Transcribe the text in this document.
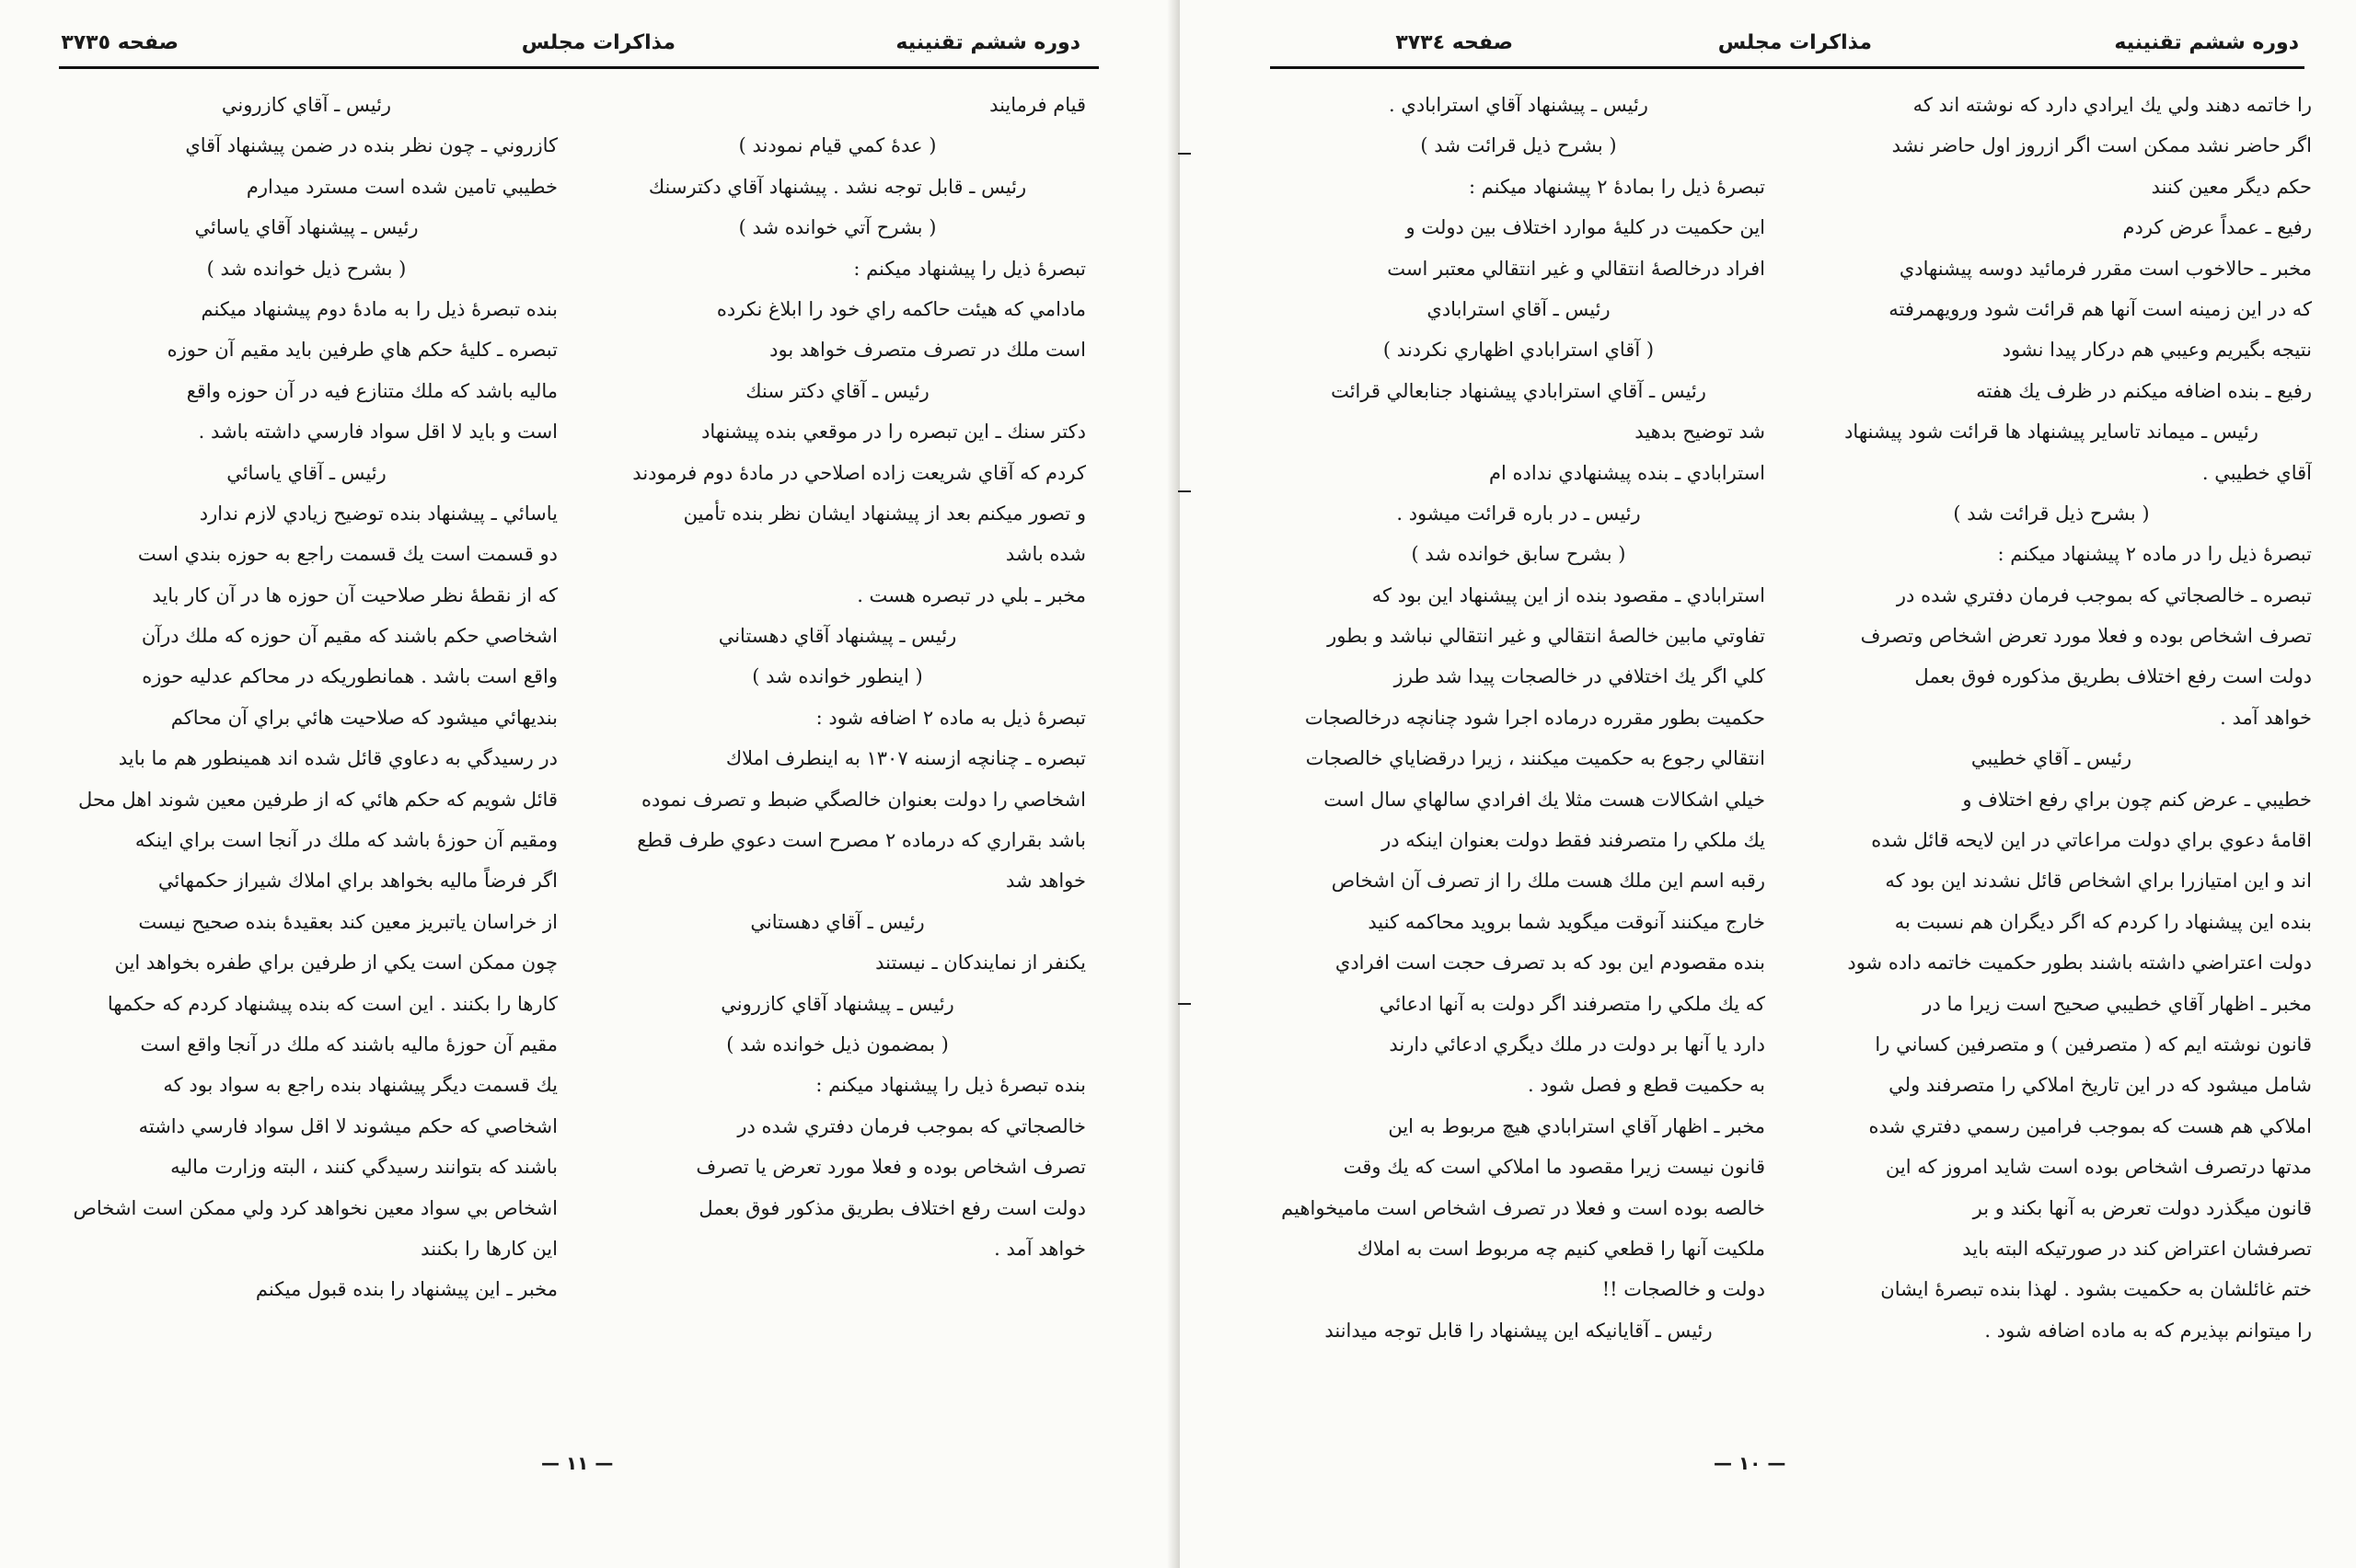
دوره ششم تقنينيه
مذاكرات مجلس
صفحه ٣٧٣٥
قيام فرمايند
( عدهٔ كمي قيام نمودند )
رئيس ـ قابل توجه نشد . پيشنهاد آقاي دكترسنك
( بشرح آتي خوانده شد )
تبصرهٔ ذيل را پيشنهاد ميكنم :
مادامي كه هيئت حاكمه راي خود را ابلاغ نكرده
است ملك در تصرف متصرف خواهد بود
رئيس ـ آقاي دكتر سنك
دكتر سنك ـ اين تبصره را در موقعي بنده پيشنهاد
كردم كه آقاي شريعت زاده اصلاحي در مادهٔ دوم فرمودند
و تصور ميكنم بعد از پيشنهاد ايشان نظر بنده تأمين
شده باشد
مخبر ـ بلي در تبصره هست .
رئيس ـ پيشنهاد آقاي دهستاني
( اينطور خوانده شد )
تبصرهٔ ذيل به ماده ٢ اضافه شود :
تبصره ـ چنانچه ازسنه ١٣٠٧ به اينطرف املاك
اشخاصي را دولت بعنوان خالصگي ضبط و تصرف نموده
باشد بقراري كه درماده ٢ مصرح است دعوي طرف قطع
خواهد شد
رئيس ـ آقاي دهستاني
يكنفر از نمايندكان ـ نيستند
رئيس ـ پيشنهاد آقاي كازروني
( بمضمون ذيل خوانده شد )
بنده تبصرهٔ ذيل را پيشنهاد ميكنم :
خالصجاتي كه بموجب فرمان دفتري شده در
تصرف اشخاص بوده و فعلا مورد تعرض يا تصرف
دولت است رفع اختلاف بطريق مذكور فوق بعمل
خواهد آمد .
رئيس ـ آقاي كازروني
كازروني ـ چون نظر بنده در ضمن پيشنهاد آقاي
خطيبي تامين شده است مسترد ميدارم
رئيس ـ پيشنهاد آقاي ياسائي
( بشرح ذيل خوانده شد )
بنده تبصرهٔ ذيل را به مادهٔ دوم پيشنهاد ميكنم
تبصره ـ كليهٔ حكم هاي طرفين بايد مقيم آن حوزه
ماليه باشد كه ملك متنازع فيه در آن حوزه واقع
است و بايد لا اقل سواد فارسي داشته باشد .
رئيس ـ آقاي ياسائي
ياسائي ـ پيشنهاد بنده توضيح زيادي لازم ندارد
دو قسمت است يك قسمت راجع به حوزه بندي است
كه از نقطهٔ نظر صلاحيت آن حوزه ها در آن كار بايد
اشخاصي حكم باشند كه مقيم آن حوزه كه ملك درآن
واقع است باشد . همانطوريكه در محاكم عدليه حوزه
بنديهائي ميشود كه صلاحيت هائي براي آن محاكم
در رسيدگي به دعاوي قائل شده اند همينطور هم ما بايد
قائل شويم كه حكم هائي كه از طرفين معين شوند اهل محل
ومقيم آن حوزهٔ باشد كه ملك در آنجا است براي اينكه
اگر فرضاً ماليه بخواهد براي املاك شيراز حكمهائي
از خراسان ياتبريز معين كند بعقيدهٔ بنده صحيح نيست
چون ممكن است يكي از طرفين براي طفره بخواهد اين
كارها را بكنند . اين است كه بنده پيشنهاد كردم كه حكمها
مقيم آن حوزهٔ ماليه باشند كه ملك در آنجا واقع است
يك قسمت ديگر پيشنهاد بنده راجع به سواد بود كه
اشخاصي كه حكم ميشوند لا اقل سواد فارسي داشته
باشند كه بتوانند رسيدگي كنند ، البته وزارت ماليه
اشخاص بي سواد معين نخواهد كرد ولي ممكن است اشخاص
اين كارها را بكنند
مخبر ـ اين پيشنهاد را بنده قبول ميكنم
— ١١ —
دوره ششم تقنينيه
مذاكرات مجلس
صفحه ٣٧٣٤
را خاتمه دهند ولي يك ايرادي دارد كه نوشته اند كه
اگر حاضر نشد ممكن است اگر ازروز اول حاضر نشد
حكم ديگر معين كنند
رفيع ـ عمداً عرض كردم
مخبر ـ حالاخوب است مقرر فرمائيد دوسه پيشنهادي
كه در اين زمينه است آنها هم قرائت شود ورويهمرفته
نتيجه بگيريم وعيبي هم دركار پيدا نشود
رفيع ـ بنده اضافه ميكنم در ظرف يك هفته
رئيس ـ ميماند تاساير پيشنهاد ها قرائت شود پيشنهاد
آقاي خطيبي .
( بشرح ذيل قرائت شد )
تبصرهٔ ذيل را در ماده ٢ پيشنهاد ميكنم :
تبصره ـ خالصجاتي كه بموجب فرمان دفتري شده در
تصرف اشخاص بوده و فعلا مورد تعرض اشخاص وتصرف
دولت است رفع اختلاف بطريق مذكوره فوق بعمل
خواهد آمد .
رئيس ـ آقاي خطيبي
خطيبي ـ عرض كنم چون براي رفع اختلاف و
اقامهٔ دعوي براي دولت مراعاتي در اين لايحه قائل شده
اند و اين امتيازرا براي اشخاص قائل نشدند اين بود كه
بنده اين پيشنهاد را كردم كه اگر ديگران هم نسبت به
دولت اعتراضي داشته باشند بطور حكميت خاتمه داده شود
مخبر ـ اظهار آقاي خطيبي صحيح است زيرا ما در
قانون نوشته ايم كه ( متصرفين ) و متصرفين كساني را
شامل ميشود كه در اين تاريخ املاكي را متصرفند ولي
املاكي هم هست كه بموجب فرامين رسمي دفتري شده
مدتها درتصرف اشخاص بوده است شايد امروز كه اين
قانون ميگذرد دولت تعرض به آنها بكند و بر
تصرفشان اعتراض كند در صورتيكه البته بايد
ختم غائلشان به حكميت بشود . لهذا بنده تبصرهٔ ايشان
را ميتوانم بپذيرم كه به ماده اضافه شود .
رئيس ـ پيشنهاد آقاي استرابادي .
( بشرح ذيل قرائت شد )
تبصرهٔ ذيل را بمادهٔ ٢ پيشنهاد ميكنم :
اين حكميت در كليهٔ موارد اختلاف بين دولت و
افراد درخالصهٔ انتقالي و غير انتقالي معتبر است
رئيس ـ آقاي استرابادي
( آقاي استرابادي اظهاري نكردند )
رئيس ـ آقاي استرابادي پيشنهاد جنابعالي قرائت
شد توضيح بدهيد
استرابادي ـ بنده پيشنهادي نداده ام
رئيس ـ در باره قرائت ميشود .
( بشرح سابق خوانده شد )
استرابادي ـ مقصود بنده از اين پيشنهاد اين بود كه
تفاوتي مابين خالصهٔ انتقالي و غير انتقالي نباشد و بطور
كلي اگر يك اختلافي در خالصجات پيدا شد طرز
حكميت بطور مقرره درماده اجرا شود چنانچه درخالصجات
انتقالي رجوع به حكميت ميكنند ، زيرا درقضاياي خالصجات
خيلي اشكالات هست مثلا يك افرادي سالهاي سال است
يك ملكي را متصرفند فقط دولت بعنوان اينكه در
رقبه اسم اين ملك هست ملك را از تصرف آن اشخاص
خارج ميكنند آنوقت ميگويد شما برويد محاكمه كنيد
بنده مقصودم اين بود كه بد تصرف حجت است افرادي
كه يك ملكي را متصرفند اگر دولت به آنها ادعائي
دارد يا آنها بر دولت در ملك ديگري ادعائي دارند
به حكميت قطع و فصل شود .
مخبر ـ اظهار آقاي استرابادي هيچ مربوط به اين
قانون نيست زيرا مقصود ما املاكي است كه يك وقت
خالصه بوده است و فعلا در تصرف اشخاص است ماميخواهيم
ملكيت آنها را قطعي كنيم چه مربوط است به املاك
دولت و خالصجات !!
رئيس ـ آقايانيكه اين پيشنهاد را قابل توجه ميدانند
— ١٠ —
